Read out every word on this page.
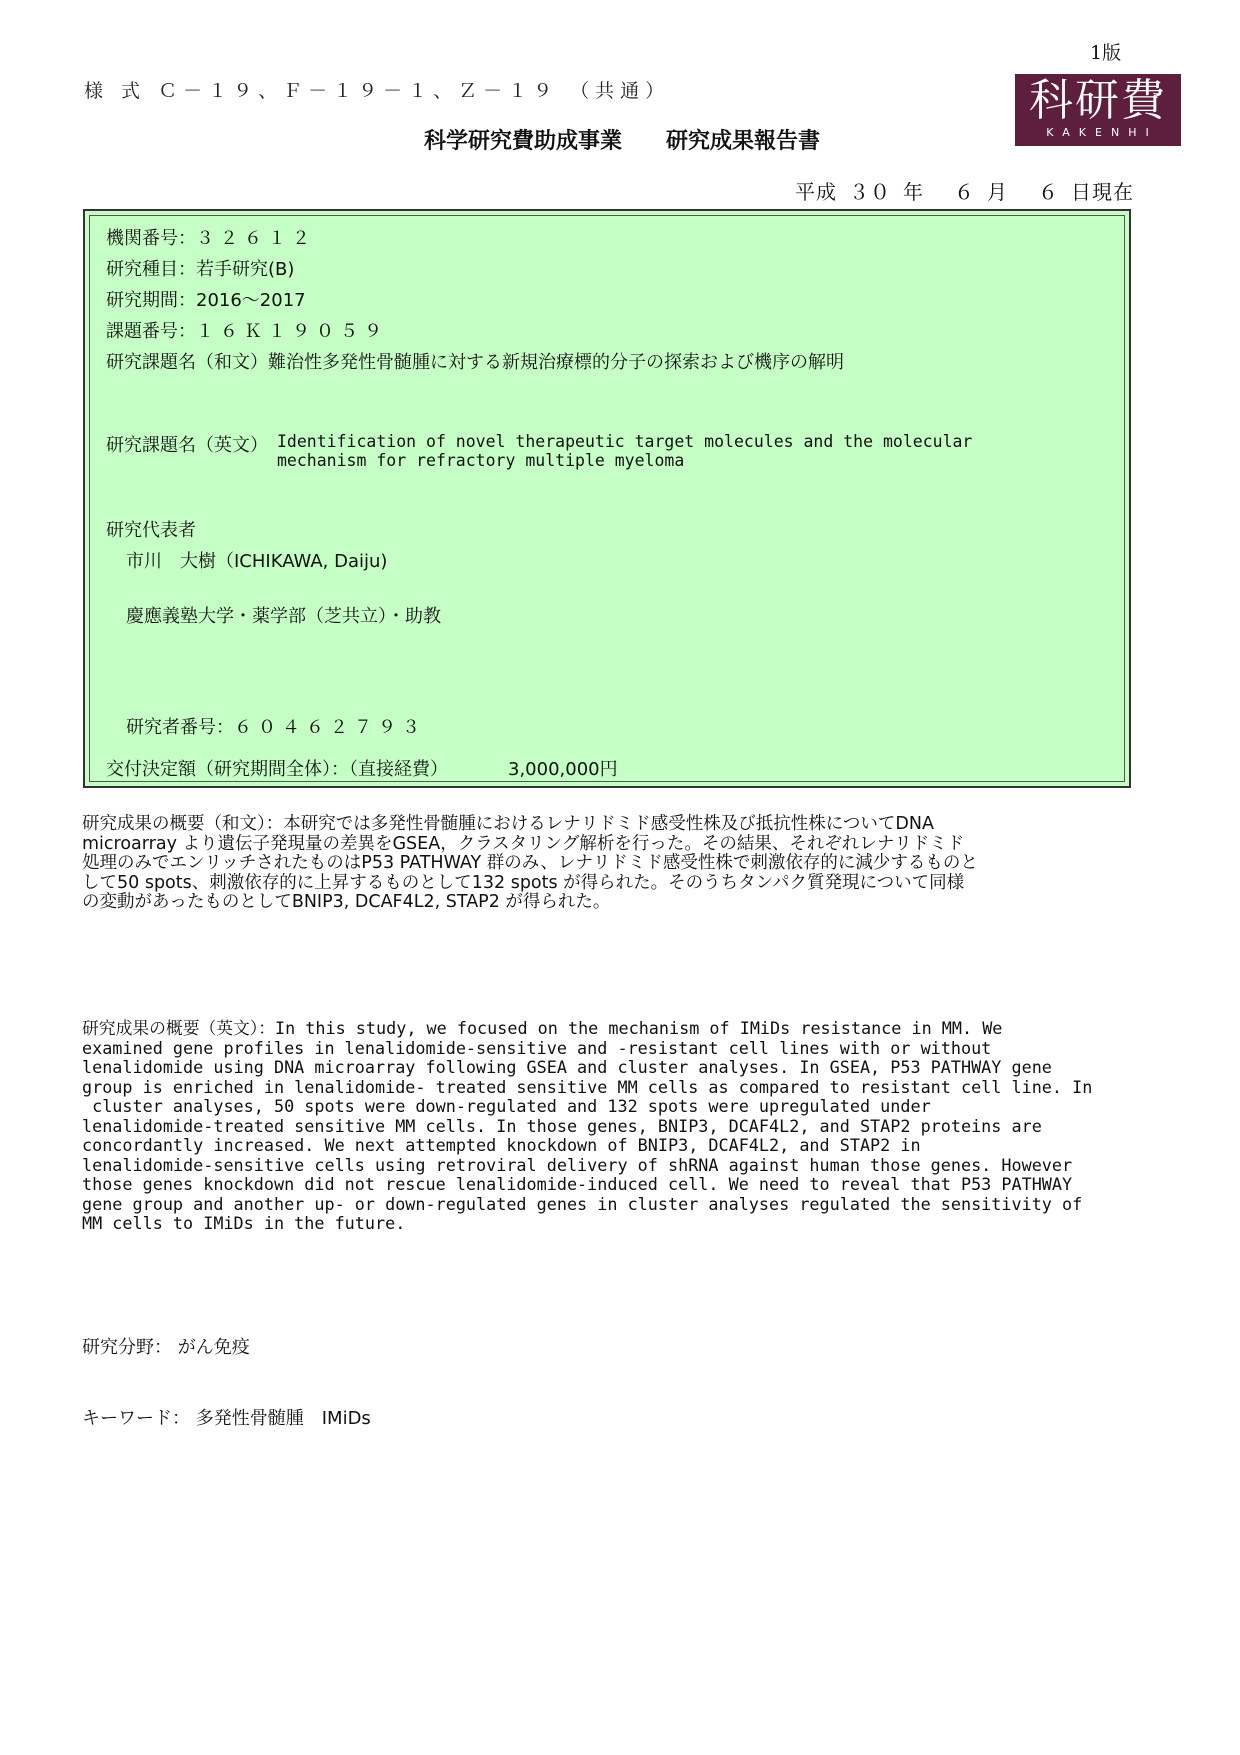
1版
様 式 Ｃ－１９、Ｆ－１９－１、Ｚ－１９ （共通）	科研費
KAKENHI
科学研究費助成事業 研究成果報告書
平成 ３０ 年 ６ 月 ６ 日現在
機関番号：３２６１２
研究種目：若手研究(B)
研究期間：2016～2017
課題番号：１６Ｋ１９０５９
研究課題名（和文）難治性多発性骨髄腫に対する新規治療標的分子の探索および機序の解明
研究課題名（英文） Identification of novel therapeutic target molecules and the molecular
mechanism for refractory multiple myeloma
研究代表者
市川　大樹（ICHIKAWA, Daiju)
慶應義塾大学・薬学部（芝共立）・助教
研究者番号：６０４６２７９３
交付決定額（研究期間全体）：（直接経費）	3,000,000円
研究成果の概要（和文）：本研究では多発性骨髄腫におけるレナリドミド感受性株及び抵抗性株についてDNA
microarray より遺伝子発現量の差異をGSEA，クラスタリング解析を行った。その結果、それぞれレナリドミド
処理のみでエンリッチされたものはP53 PATHWAY 群のみ、レナリドミド感受性株で刺激依存的に減少するものと
して50 spots、刺激依存的に上昇するものとして132 spots が得られた。そのうちタンパク質発現について同様
の変動があったものとしてBNIP3, DCAF4L2, STAP2 が得られた。
研究成果の概要（英文）：In this study, we focused on the mechanism of IMiDs resistance in MM. We
examined gene profiles in lenalidomide-sensitive and -resistant cell lines with or without
lenalidomide using DNA microarray following GSEA and cluster analyses. In GSEA, P53 PATHWAY gene
group is enriched in lenalidomide- treated sensitive MM cells as compared to resistant cell line. In
cluster analyses, 50 spots were down-regulated and 132 spots were upregulated under
lenalidomide-treated sensitive MM cells. In those genes, BNIP3, DCAF4L2, and STAP2 proteins are
concordantly increased. We next attempted knockdown of BNIP3, DCAF4L2, and STAP2 in
lenalidomide-sensitive cells using retroviral delivery of shRNA against human those genes. However
those genes knockdown did not rescue lenalidomide-induced cell. We need to reveal that P53 PATHWAY
gene group and another up- or down-regulated genes in cluster analyses regulated the sensitivity of
MM cells to IMiDs in the future.
研究分野： がん免疫
キーワード： 多発性骨髄腫　IMiDs
